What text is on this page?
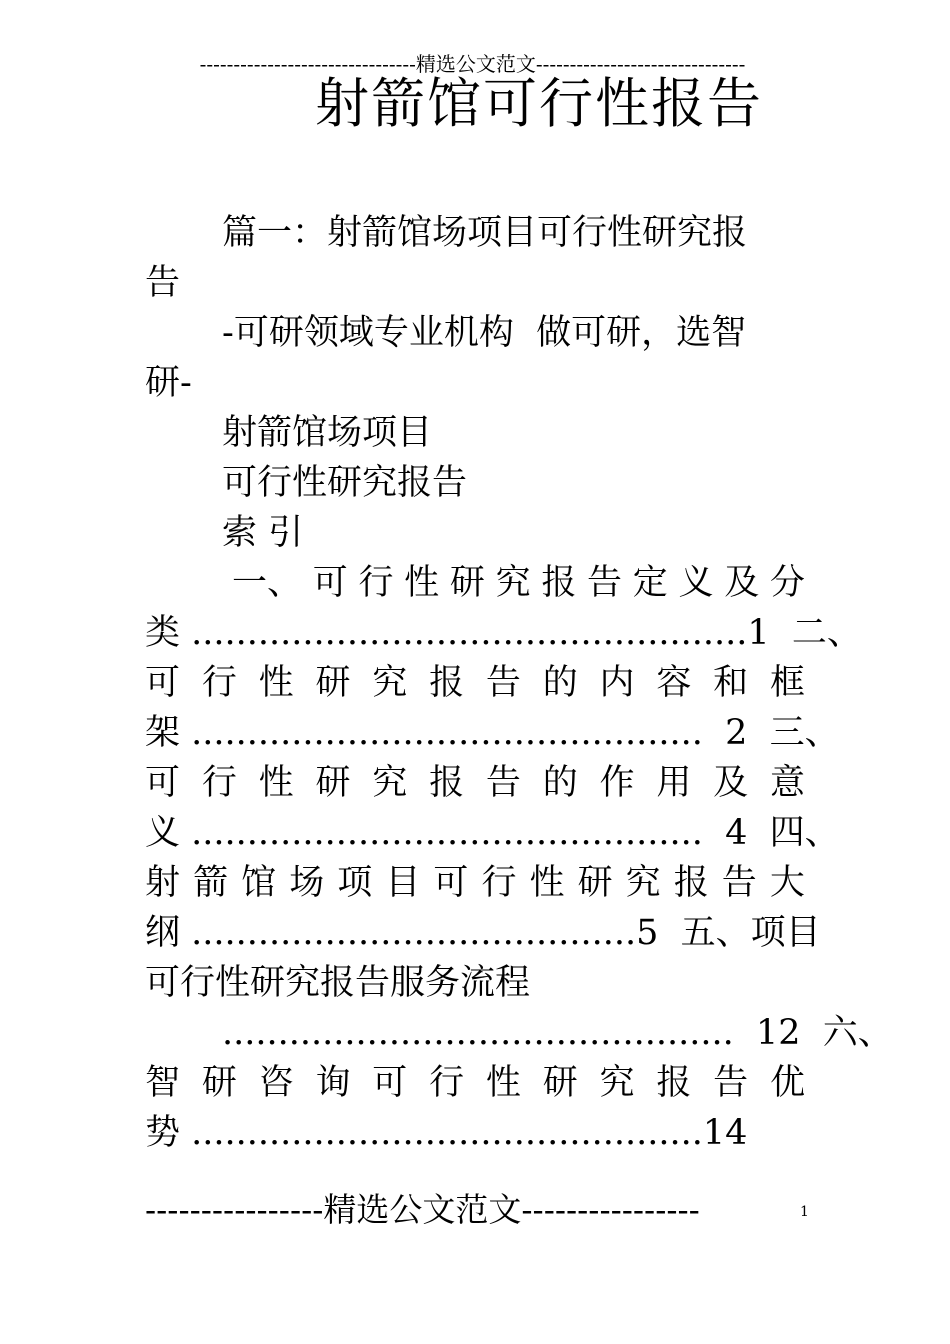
--------------------------------精选公文范文-------------------------------
射箭馆可行性报告
篇一：射箭馆场项目可行性研究报
告
-可研领域专业机构  做可研，选智
研-
射箭馆场项目
可行性研究报告
索 引
一、 可 行 性 研 究 报 告 定 义 及 分
类 ..................................................1  二、
可 行 性 研 究 报 告 的 内 容 和 框
架 ..............................................  2  三、
可 行 性 研 究 报 告 的 作 用 及 意
义 ..............................................  4  四、
射 箭 馆 场 项 目 可 行 性 研 究 报 告 大
纲 ........................................5  五、项目
可行性研究报告服务流程
..............................................  12  六、
智 研 咨 询 可 行 性 研 究 报 告 优
势 ..............................................14
----------------精选公文范文----------------	1
